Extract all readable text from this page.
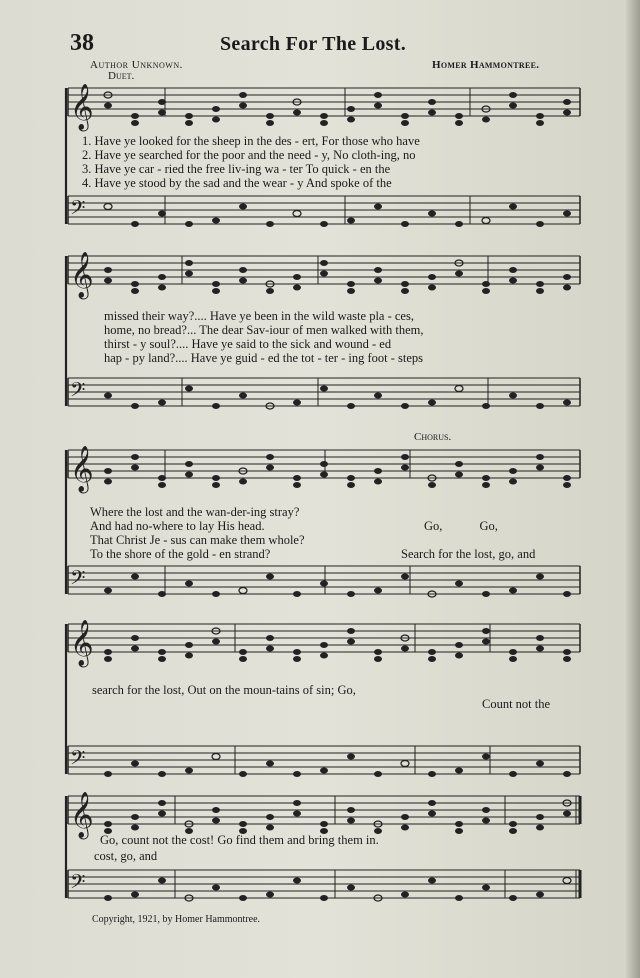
38	Search For The Lost.
Author Unknown.	Homer Hammontree.
Duet.
𝄞
𝄢
𝄞
𝄢
𝄞
𝄢
𝄞
𝄢
𝄞
𝄢
1. Have ye looked for the sheep in the des - ert, For those who have
2. Have ye searched for the poor and the need - y, No cloth-ing, no
3. Have ye car - ried the free liv-ing wa - ter To quick - en the
4. Have ye stood by the sad and the wear - y And spoke of the
missed their way?.... Have ye been in the wild waste pla - ces,
home, no bread?... The dear Sav-iour of men walked with them,
thirst - y soul?.... Have ye said to the sick and wound - ed
hap - py land?.... Have ye guid - ed the tot - ter - ing foot - steps
Chorus.
Where the lost and the wan-der-ing stray?
And had no-where to lay His head.
That Christ Je - sus can make them whole?
To the shore of the gold - en strand?
Go, Go,
Search for the lost, go, and
search for the lost, Out on the moun-tains of sin; Go,
Count not the
Go, count not the cost! Go find them and bring them in.
cost, go, and
Copyright, 1921, by Homer Hammontree.
